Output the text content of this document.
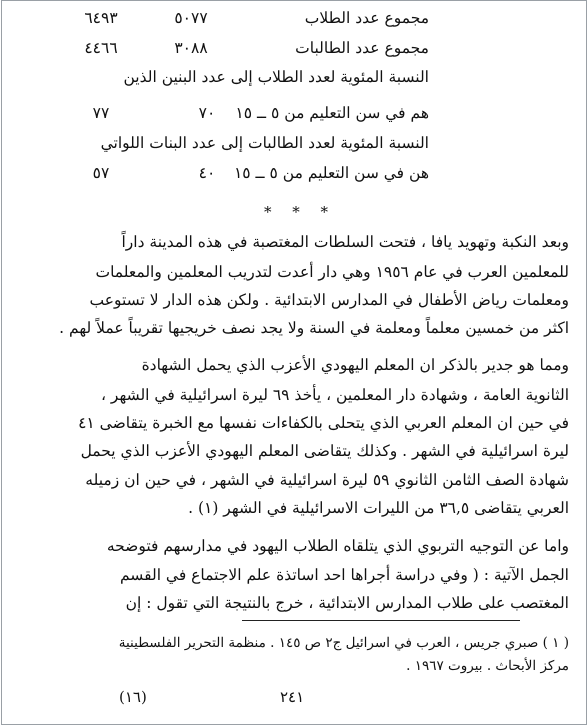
مجموع عدد الطلاب
٥٠٧٧
٦٤٩٣
مجموع عدد الطالبات
٣٠٨٨
٤٤٦٦
النسبة المئوية لعدد الطلاب إلى عدد البنين الذين
هم في سن التعليم من ٥ ــ ١٥
٧٠
٧٧
النسبة المئوية لعدد الطالبات إلى عدد البنات اللواتي
هن في سن التعليم من ٥ ــ ١٥
٤٠
٥٧
* * *
وبعد النكبة وتهويد يافا ، فتحت السلطات المغتصبة في هذه المدينة داراً
للمعلمين العرب في عام ١٩٥٦ وهي دار أعدت لتدريب المعلمين والمعلمات
ومعلمات رياض الأطفال في المدارس الابتدائية . ولكن هذه الدار لا تستوعب
اكثر من خمسين معلماً ومعلمة في السنة ولا يجد نصف خريجيها تقريباً عملاً لهم .
ومما هو جدير بالذكر ان المعلم اليهودي الأعزب الذي يحمل الشهادة
الثانوية العامة ، وشهادة دار المعلمين ، يأخذ ٦٩ ليرة اسرائيلية في الشهر ،
في حين ان المعلم العربي الذي يتحلى بالكفاءات نفسها مع الخبرة يتقاضى ٤١
ليرة اسرائيلية في الشهر . وكذلك يتقاضى المعلم اليهودي الأعزب الذي يحمل
شهادة الصف الثامن الثانوي ٥٩ ليرة اسرائيلية في الشهر ، في حين ان زميله
العربي يتقاضى ٣٦,٥ من الليرات الاسرائيلية في الشهر (١) .
واما عن التوجيه التربوي الذي يتلقاه الطلاب اليهود في مدارسهم فتوضحه
الجمل الآتية : ( وفي دراسة أجراها احد اساتذة علم الاجتماع في القسم
المغتصب على طلاب المدارس الابتدائية ، خرج بالنتيجة التي تقول : إن
( ١ ) صبري جريس ، العرب في اسرائيل ج٢ ص ١٤٥ . منظمة التحرير الفلسطينية
مركز الأبحاث . بيروت ١٩٦٧ .
٢٤١
(١٦)
